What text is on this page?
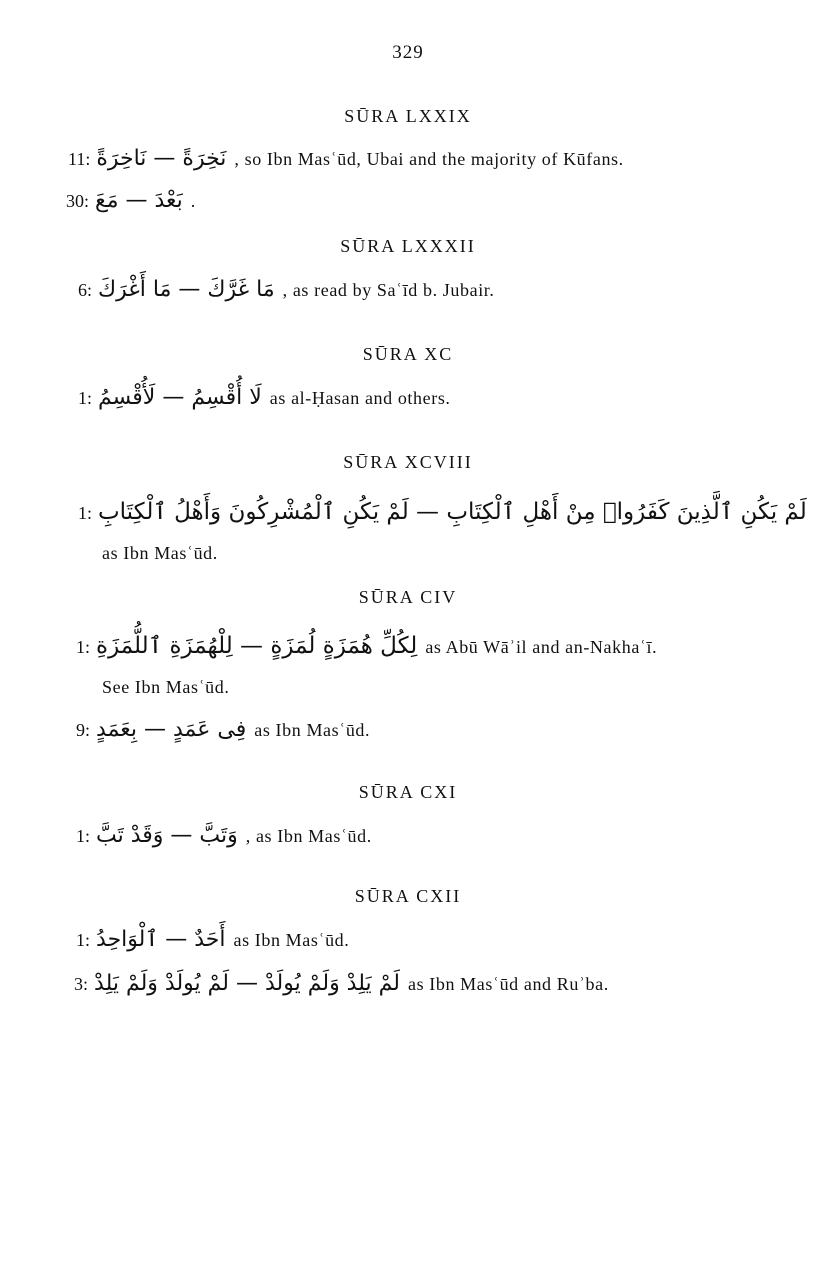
329
SŪRA LXXIX
11: نَخِرَةً — نَاخِرَةً , so Ibn Masʿūd, Ubai and the majority of Kūfans.
30: بَعْدَ — مَعَ .
SŪRA LXXXII
6: مَا غَرَّكَ — مَا أَغْرَكَ , as read by Saʿīd b. Jubair.
SŪRA XC
1: لَا أُقْسِمُ — لَأُقْسِمُ as al-Ḥasan and others.
SŪRA XCVIII
1: لَمْ يَكُنِ ٱلَّذِينَ كَفَرُوا۟ مِنْ أَهْلِ ٱلْكِتَابِ — لَمْ يَكُنِ ٱلْمُشْرِكُونَ وَأَهْلُ ٱلْكِتَابِ
as Ibn Masʿūd.
SŪRA CIV
1: لِكُلِّ هُمَزَةٍ لُمَزَةٍ — لِلْهُمَزَةِ ٱللُّمَزَةِ as Abū Wāʾil and an-Nakhaʿī.
See Ibn Masʿūd.
9: فِى عَمَدٍ — بِعَمَدٍ as Ibn Masʿūd.
SŪRA CXI
1: وَتَبَّ — وَقَدْ تَبَّ , as Ibn Masʿūd.
SŪRA CXII
1: أَحَدٌ — ٱلْوَاحِدُ as Ibn Masʿūd.
3: لَمْ يَلِدْ وَلَمْ يُولَدْ — لَمْ يُولَدْ وَلَمْ يَلِدْ as Ibn Masʿūd and Ruʾba.
